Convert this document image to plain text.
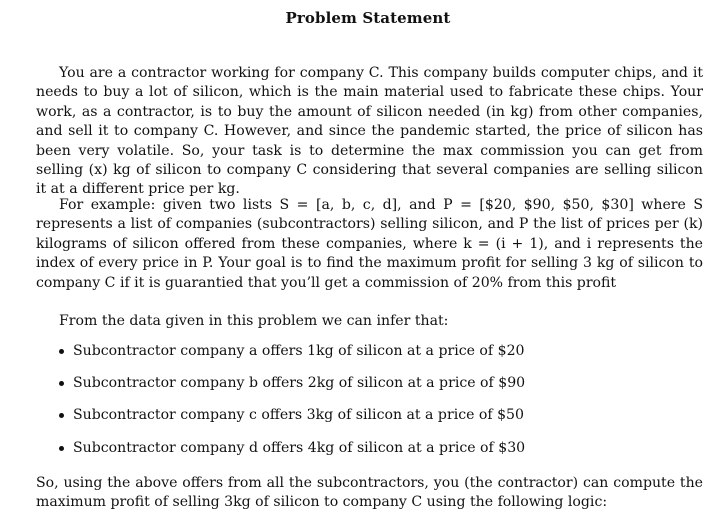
Problem Statement
You are a contractor working for company C. This company builds computer chips, and it needs to buy a lot of silicon, which is the main material used to fabricate these chips. Your work, as a contractor, is to buy the amount of silicon needed (in kg) from other companies, and sell it to company C. However, and since the pandemic started, the price of silicon has been very volatile. So, your task is to determine the max commission you can get from selling (x) kg of silicon to company C considering that several companies are selling silicon it at a different price per kg.
For example: given two lists S = [a, b, c, d], and P = [$20, $90, $50, $30] where S represents a list of companies (subcontractors) selling silicon, and P the list of prices per (k) kilograms of silicon offered from these companies, where k = (i + 1), and i represents the index of every price in P. Your goal is to find the maximum profit for selling 3 kg of silicon to company C if it is guarantied that you’ll get a commission of 20% from this profit
From the data given in this problem we can infer that:
Subcontractor company a offers 1kg of silicon at a price of $20
Subcontractor company b offers 2kg of silicon at a price of $90
Subcontractor company c offers 3kg of silicon at a price of $50
Subcontractor company d offers 4kg of silicon at a price of $30
So, using the above offers from all the subcontractors, you (the contractor) can compute the maximum profit of selling 3kg of silicon to company C using the following logic:
